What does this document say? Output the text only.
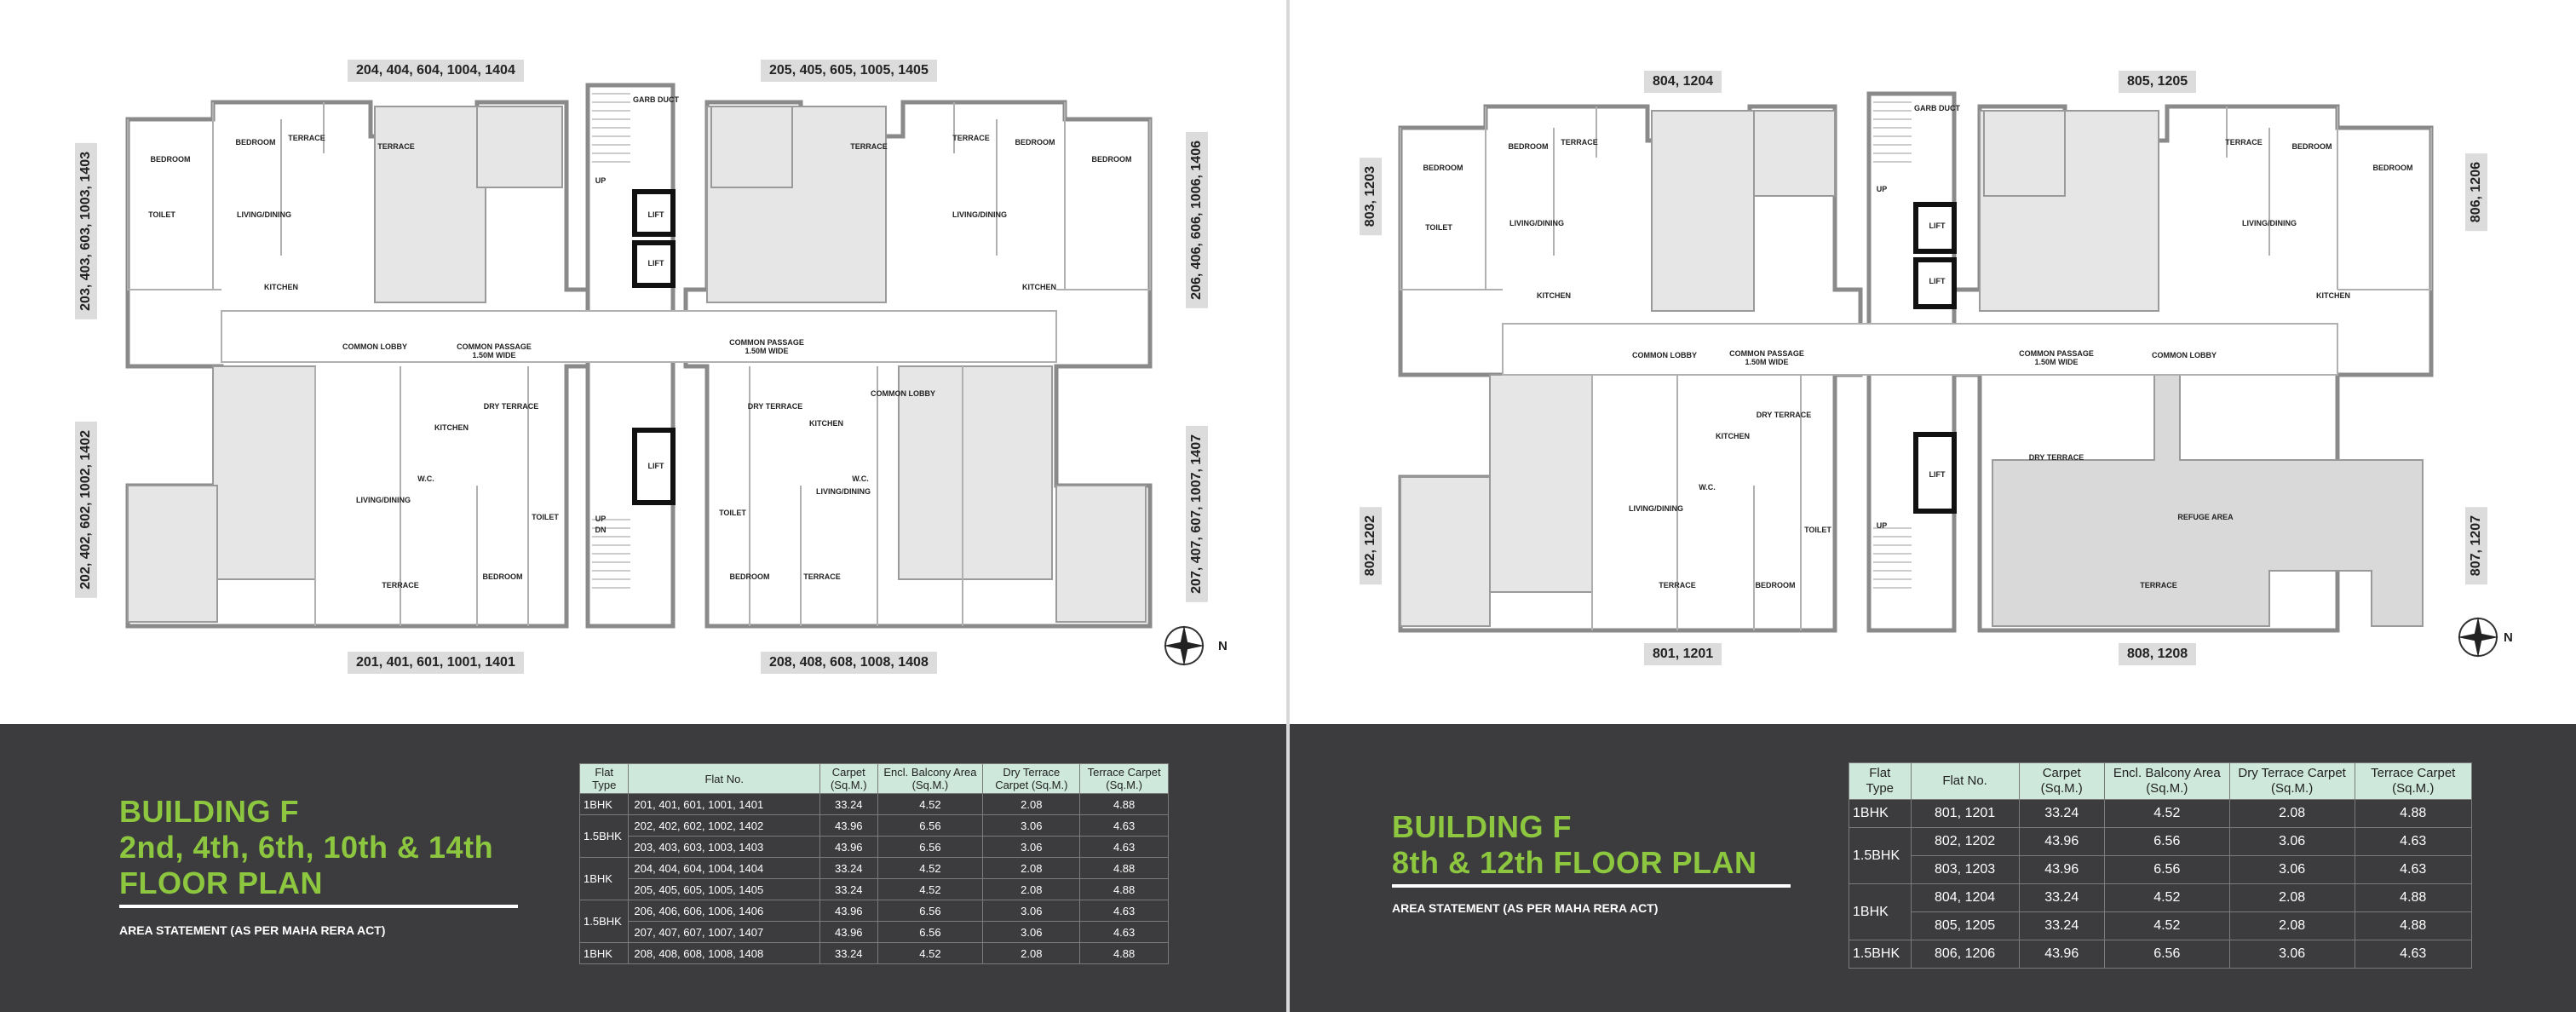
BEDROOM
BEDROOM TERRACE
TERRACE
LIVING/DINING
TOILET
KITCHEN
COMMON LOBBY	COMMON PASSAGE
1.50M WIDE
COMMON PASSAGE
1.50M WIDE
COMMON LOBBY
LIVING/DINING
BEDROOM
BEDROOM
TERRACE
TERRACE
KITCHEN
KITCHEN
DRY TERRACE
LIVING/DINING
BEDROOM
TOILET
TERRACE
KITCHEN
DRY TERRACE
LIVING/DINING
BEDROOM	TERRACE
TOILET
LIFT
LIFT
LIFT
UP
UP
DN
GARB DUCT
W.C.	W.C.
N
204, 404, 604, 1004, 1404	205, 405, 605, 1005, 1405
201, 401, 601, 1001, 1401	208, 408, 608, 1008, 1408
203, 403, 603, 1003, 1403
202, 402, 602, 1002, 1402
206, 406, 606, 1006, 1406
207, 407, 607, 1007, 1407
BUILDING F
2nd, 4th, 6th, 10th & 14th
FLOOR PLAN
AREA STATEMENT (AS PER MAHA RERA ACT)
Flat Type	Flat No.	Carpet (Sq.M.)	Encl. Balcony Area (Sq.M.)	Dry Terrace Carpet (Sq.M.)	Terrace Carpet (Sq.M.)
1BHK	201, 401, 601, 1001, 1401	33.24	4.52	2.08	4.88
1.5BHK	202, 402, 602, 1002, 1402	43.96	6.56	3.06	4.63
	203, 403, 603, 1003, 1403	43.96	6.56	3.06	4.63
1BHK	204, 404, 604, 1004, 1404	33.24	4.52	2.08	4.88
	205, 405, 605, 1005, 1405	33.24	4.52	2.08	4.88
1.5BHK	206, 406, 606, 1006, 1406	43.96	6.56	3.06	4.63
	207, 407, 607, 1007, 1407	43.96	6.56	3.06	4.63
1BHK	208, 408, 608, 1008, 1408	33.24	4.52	2.08	4.88
BEDROOM
BEDROOM TERRACE
LIVING/DINING
TOILET
KITCHEN
COMMON LOBBY	COMMON PASSAGE
1.50M WIDE
COMMON PASSAGE
1.50M WIDE
COMMON LOBBY
LIVING/DINING
BEDROOM
BEDROOM
TERRACE
KITCHEN
KITCHEN
DRY TERRACE
LIVING/DINING
BEDROOM
TOILET
TERRACE
REFUGE AREA
DRY TERRACE
TERRACE
LIFT
LIFT
LIFT
UP
UP
GARB DUCT
W.C.
N
804, 1204	805, 1205
801, 1201	808, 1208
803, 1203
802, 1202
806, 1206
807, 1207
BUILDING F
8th & 12th FLOOR PLAN
AREA STATEMENT (AS PER MAHA RERA ACT)
Flat Type	Flat No.	Carpet (Sq.M.)	Encl. Balcony Area (Sq.M.)	Dry Terrace Carpet (Sq.M.)	Terrace Carpet (Sq.M.)
1BHK	801, 1201	33.24	4.52	2.08	4.88
1.5BHK	802, 1202	43.96	6.56	3.06	4.63
	803, 1203	43.96	6.56	3.06	4.63
1BHK	804, 1204	33.24	4.52	2.08	4.88
	805, 1205	33.24	4.52	2.08	4.88
1.5BHK	806, 1206	43.96	6.56	3.06	4.63
